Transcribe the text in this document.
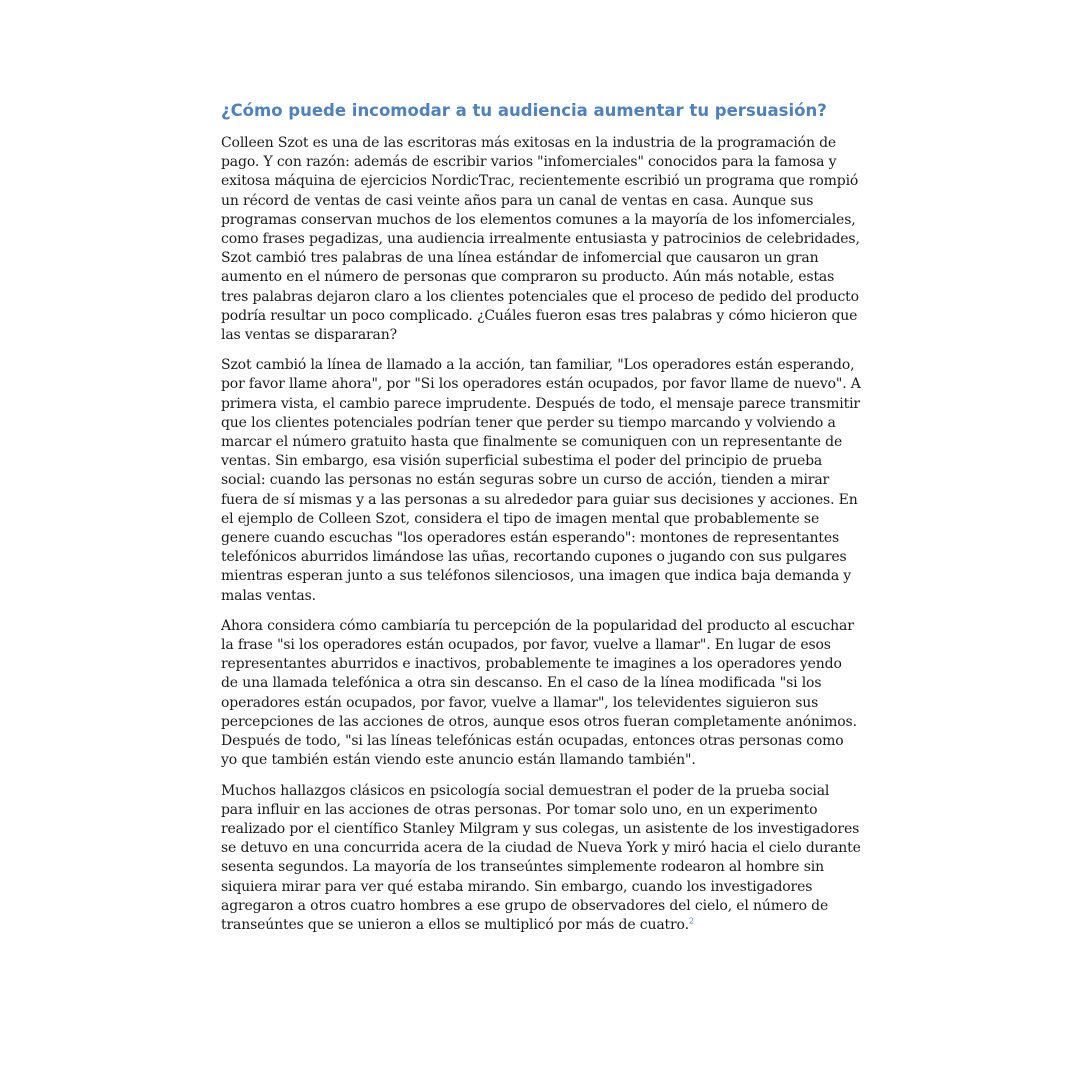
¿Cómo puede incomodar a tu audiencia aumentar tu persuasión?

Colleen Szot es una de las escritoras más exitosas en la industria de la programación de pago. Y con razón: además de escribir varios "infomerciales" conocidos para la famosa y exitosa máquina de ejercicios NordicTrac, recientemente escribió un programa que rompió un récord de ventas de casi veinte años para un canal de ventas en casa. Aunque sus programas conservan muchos de los elementos comunes a la mayoría de los infomerciales, como frases pegadizas, una audiencia irrealmente entusiasta y patrocinios de celebridades, Szot cambió tres palabras de una línea estándar de infomercial que causaron un gran aumento en el número de personas que compraron su producto. Aún más notable, estas tres palabras dejaron claro a los clientes potenciales que el proceso de pedido del producto podría resultar un poco complicado. ¿Cuáles fueron esas tres palabras y cómo hicieron que las ventas se dispararan?

Szot cambió la línea de llamado a la acción, tan familiar, "Los operadores están esperando, por favor llame ahora", por "Si los operadores están ocupados, por favor llame de nuevo". A primera vista, el cambio parece imprudente. Después de todo, el mensaje parece transmitir que los clientes potenciales podrían tener que perder su tiempo marcando y volviendo a marcar el número gratuito hasta que finalmente se comuniquen con un representante de ventas. Sin embargo, esa visión superficial subestima el poder del principio de prueba social: cuando las personas no están seguras sobre un curso de acción, tienden a mirar fuera de sí mismas y a las personas a su alrededor para guiar sus decisiones y acciones. En el ejemplo de Colleen Szot, considera el tipo de imagen mental que probablemente se genere cuando escuchas "los operadores están esperando": montones de representantes telefónicos aburridos limándose las uñas, recortando cupones o jugando con sus pulgares mientras esperan junto a sus teléfonos silenciosos, una imagen que indica baja demanda y malas ventas.

Ahora considera cómo cambiaría tu percepción de la popularidad del producto al escuchar la frase "si los operadores están ocupados, por favor, vuelve a llamar". En lugar de esos representantes aburridos e inactivos, probablemente te imagines a los operadores yendo de una llamada telefónica a otra sin descanso. En el caso de la línea modificada "si los operadores están ocupados, por favor, vuelve a llamar", los televidentes siguieron sus percepciones de las acciones de otros, aunque esos otros fueran completamente anónimos. Después de todo, "si las líneas telefónicas están ocupadas, entonces otras personas como yo que también están viendo este anuncio están llamando también".

Muchos hallazgos clásicos en psicología social demuestran el poder de la prueba social para influir en las acciones de otras personas. Por tomar solo uno, en un experimento realizado por el científico Stanley Milgram y sus colegas, un asistente de los investigadores se detuvo en una concurrida acera de la ciudad de Nueva York y miró hacia el cielo durante sesenta segundos. La mayoría de los transeúntes simplemente rodearon al hombre sin siquiera mirar para ver qué estaba mirando. Sin embargo, cuando los investigadores agregaron a otros cuatro hombres a ese grupo de observadores del cielo, el número de transeúntes que se unieron a ellos se multiplicó por más de cuatro.$^2$
